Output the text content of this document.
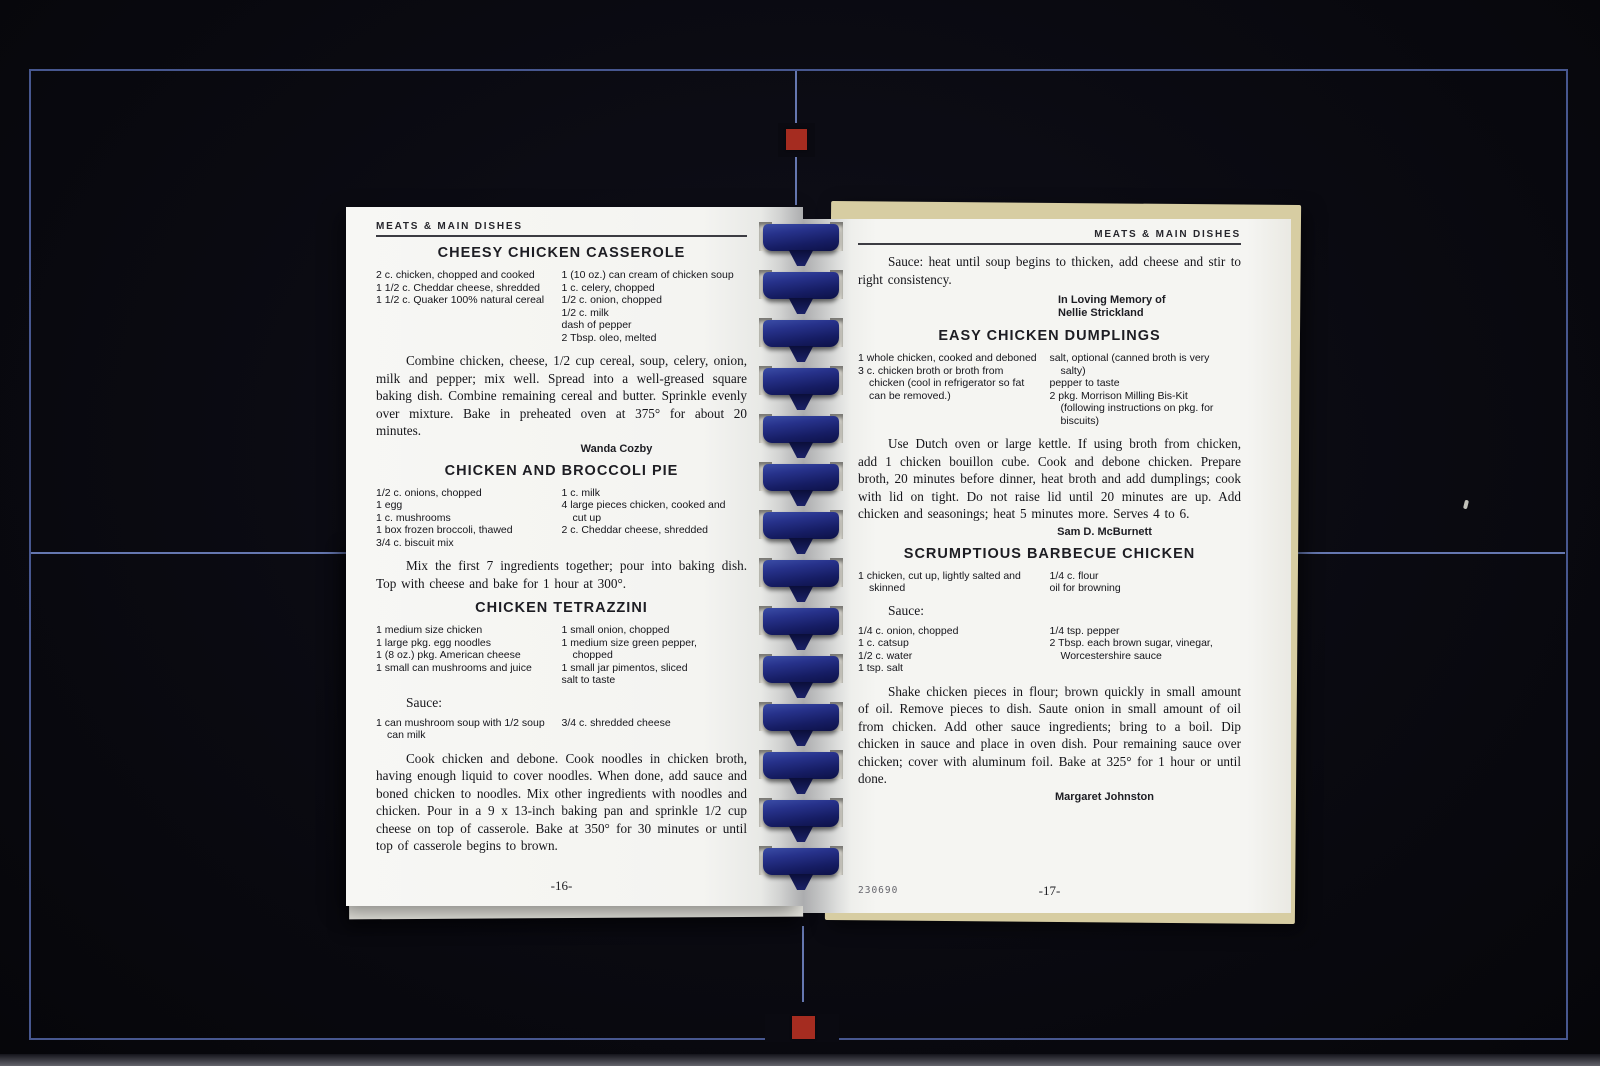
MEATS & MAIN DISHES
CHEESY CHICKEN CASSEROLE
2 c. chicken, chopped and cooked
1 1/2 c. Cheddar cheese, shredded
1 1/2 c. Quaker 100% natural cereal
1 (10 oz.) can cream of chicken soup
1 c. celery, chopped
1/2 c. onion, chopped
1/2 c. milk
dash of pepper
2 Tbsp. oleo, melted

Combine chicken, cheese, 1/2 cup cereal, soup, celery, onion, milk and pepper; mix well. Spread into a well-greased square baking dish. Combine remaining cereal and butter. Sprinkle evenly over mixture. Bake in preheated oven at 375° for about 20 minutes.

Wanda Cozby
CHICKEN AND BROCCOLI PIE
1/2 c. onions, chopped
1 egg
1 c. mushrooms
1 box frozen broccoli, thawed
3/4 c. biscuit mix
1 c. milk
4 large pieces chicken, cooked and cut up
2 c. Cheddar cheese, shredded

Mix the first 7 ingredients together; pour into baking dish. Top with cheese and bake for 1 hour at 300°.

CHICKEN TETRAZZINI
1 medium size chicken
1 large pkg. egg noodles
1 (8 oz.) pkg. American cheese
1 small can mushrooms and juice
1 small onion, chopped
1 medium size green pepper, chopped
1 small jar pimentos, sliced
salt to taste
Sauce:
1 can mushroom soup with 1/2 soup can milk
3/4 c. shredded cheese

Cook chicken and debone. Cook noodles in chicken broth, having enough liquid to cover noodles. When done, add sauce and boned chicken to noodles. Mix other ingredients with noodles and chicken. Pour in a 9 x 13-inch baking pan and sprinkle 1/2 cup cheese on top of casserole. Bake at 350° for 30 minutes or until top of casserole begins to brown.

-16-
MEATS & MAIN DISHES

Sauce: heat until soup begins to thicken, add cheese and stir to right consistency.

In Loving Memory of
Nellie Strickland
EASY CHICKEN DUMPLINGS
1 whole chicken, cooked and deboned
3 c. chicken broth or broth from chicken (cool in refrigerator so fat can be removed.)
salt, optional (canned broth is very salty)
pepper to taste
2 pkg. Morrison Milling Bis-Kit (following instructions on pkg. for biscuits)

Use Dutch oven or large kettle. If using broth from chicken, add 1 chicken bouillon cube. Cook and debone chicken. Prepare broth, 20 minutes before dinner, heat broth and add dumplings; cook with lid on tight. Do not raise lid until 20 minutes are up. Add chicken and seasonings; heat 5 minutes more. Serves 4 to 6.

Sam D. McBurnett
SCRUMPTIOUS BARBECUE CHICKEN
1 chicken, cut up, lightly salted and skinned
1/4 c. flour
oil for browning
Sauce:
1/4 c. onion, chopped
1 c. catsup
1/2 c. water
1 tsp. salt
1/4 tsp. pepper
2 Tbsp. each brown sugar, vinegar, Worcestershire sauce

Shake chicken pieces in flour; brown quickly in small amount of oil. Remove pieces to dish. Saute onion in small amount of oil from chicken. Add other sauce ingredients; bring to a boil. Dip chicken in sauce and place in oven dish. Pour remaining sauce over chicken; cover with aluminum foil. Bake at 325° for 1 hour or until done.

Margaret Johnston
230690	-17-
